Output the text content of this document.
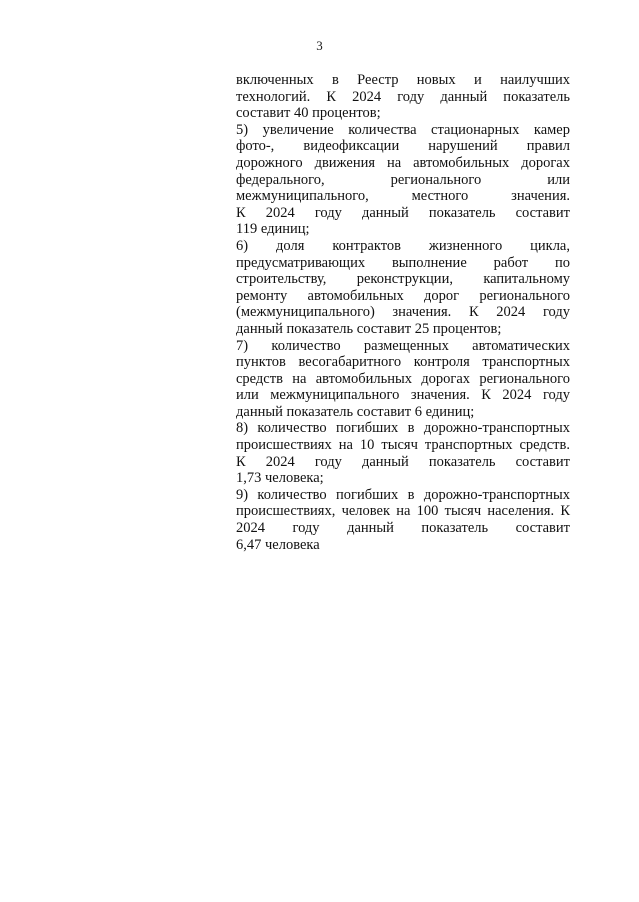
3
включенных в Реестр новых и наилучших
технологий. К 2024 году данный показатель
составит 40 процентов;
5) увеличение количества стационарных камер
фото-, видеофиксации нарушений правил
дорожного движения на автомобильных дорогах
федерального, регионального или
межмуниципального, местного значения.
К 2024 году данный показатель составит
119 единиц;
6) доля контрактов жизненного цикла,
предусматривающих выполнение работ по
строительству, реконструкции, капитальному
ремонту автомобильных дорог регионального
(межмуниципального) значения. К 2024 году
данный показатель составит 25 процентов;
7) количество размещенных автоматических
пунктов весогабаритного контроля транспортных
средств на автомобильных дорогах регионального
или межмуниципального значения. К 2024 году
данный показатель составит 6 единиц;
8) количество погибших в дорожно-транспортных
происшествиях на 10 тысяч транспортных средств.
К 2024 году данный показатель составит
1,73 человека;
9) количество погибших в дорожно-транспортных
происшествиях, человек на 100 тысяч населения. К
2024 году данный показатель составит
6,47 человека
